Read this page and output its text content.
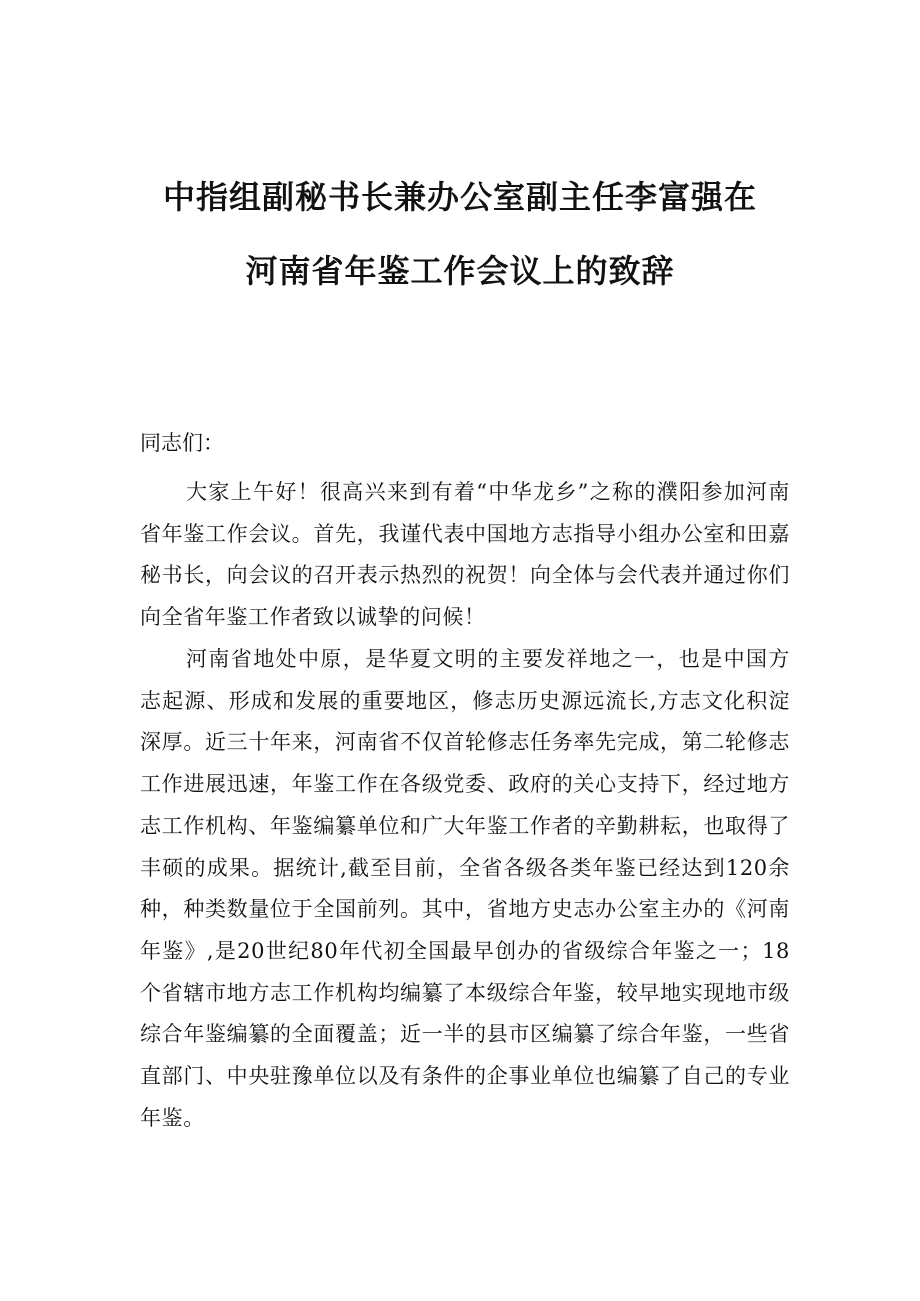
中指组副秘书长兼办公室副主任李富强在
河南省年鉴工作会议上的致辞
同志们：
大家上午好！很高兴来到有着“中华龙乡”之称的濮阳参加河南省年鉴工作会议。首先，我谨代表中国地方志指导小组办公室和田嘉秘书长，向会议的召开表示热烈的祝贺！向全体与会代表并通过你们向全省年鉴工作者致以诚挚的问候！
河南省地处中原，是华夏文明的主要发祥地之一，也是中国方志起源、形成和发展的重要地区，修志历史源远流长,方志文化积淀深厚。近三十年来，河南省不仅首轮修志任务率先完成，第二轮修志工作进展迅速，年鉴工作在各级党委、政府的关心支持下，经过地方志工作机构、年鉴编纂单位和广大年鉴工作者的辛勤耕耘，也取得了丰硕的成果。据统计,截至目前，全省各级各类年鉴已经达到120余种，种类数量位于全国前列。其中，省地方史志办公室主办的《河南年鉴》,是20世纪80年代初全国最早创办的省级综合年鉴之一；18个省辖市地方志工作机构均编纂了本级综合年鉴，较早地实现地市级综合年鉴编纂的全面覆盖；近一半的县市区编纂了综合年鉴，一些省直部门、中央驻豫单位以及有条件的企事业单位也编纂了自己的专业年鉴。
